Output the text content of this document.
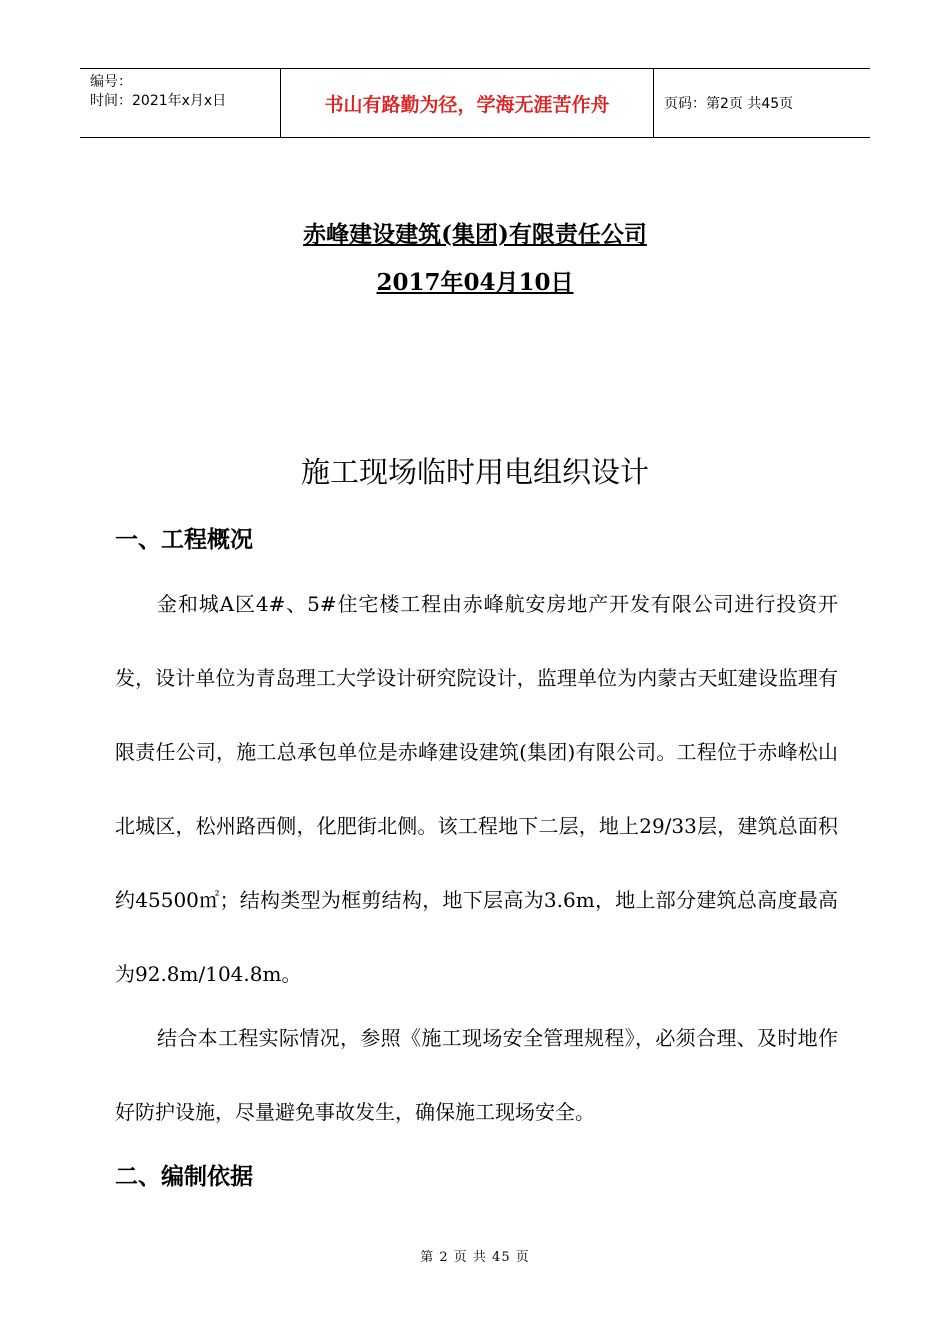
编号：
时间：2021年x月x日	书山有路勤为径，学海无涯苦作舟	页码：第2页 共45页
赤峰建设建筑(集团)有限责任公司
2017年04月10日
施工现场临时用电组织设计
一、工程概况

金和城A区4#、5#住宅楼工程由赤峰航安房地产开发有限公司进行投资开发，设计单位为青岛理工大学设计研究院设计，监理单位为内蒙古天虹建设监理有限责任公司，施工总承包单位是赤峰建设建筑(集团)有限公司。工程位于赤峰松山北城区，松州路西侧，化肥街北侧。该工程地下二层，地上29/33层，建筑总面积约45500㎡；结构类型为框剪结构，地下层高为3.6m，地上部分建筑总高度最高为92.8m/104.8m。

结合本工程实际情况，参照《施工现场安全管理规程》，必须合理、及时地作好防护设施，尽量避免事故发生，确保施工现场安全。

二、编制依据
第 2 页 共 45 页
